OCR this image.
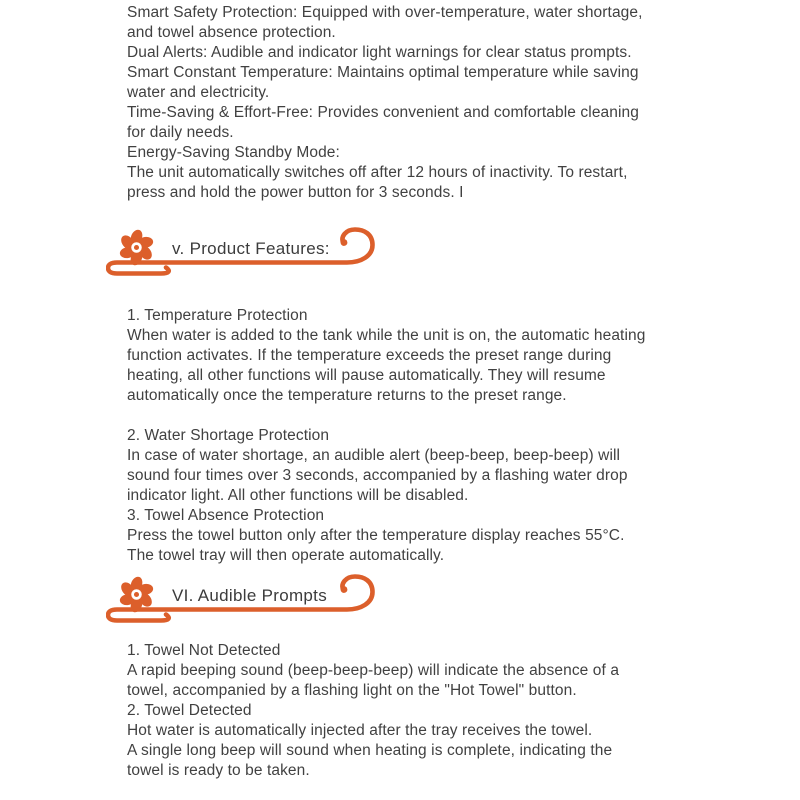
Smart Safety Protection: Equipped with over-temperature, water shortage,
and towel absence protection.
Dual Alerts: Audible and indicator light warnings for clear status prompts.
Smart Constant Temperature: Maintains optimal temperature while saving
water and electricity.
Time-Saving & Effort-Free: Provides convenient and comfortable cleaning
for daily needs.
Energy-Saving Standby Mode:
The unit automatically switches off after 12 hours of inactivity. To restart,
press and hold the power button for 3 seconds. I
v. Product Features:
1. Temperature Protection
When water is added to the tank while the unit is on, the automatic heating
function activates. If the temperature exceeds the preset range during
heating, all other functions will pause automatically. They will resume
automatically once the temperature returns to the preset range.
2. Water Shortage Protection
In case of water shortage, an audible alert (beep-beep, beep-beep) will
sound four times over 3 seconds, accompanied by a flashing water drop
indicator light. All other functions will be disabled.
3. Towel Absence Protection
Press the towel button only after the temperature display reaches 55°C.
The towel tray will then operate automatically.
VI. Audible Prompts
1. Towel Not Detected
A rapid beeping sound (beep-beep-beep) will indicate the absence of a
towel, accompanied by a flashing light on the "Hot Towel" button.
2. Towel Detected
Hot water is automatically injected after the tray receives the towel.
A single long beep will sound when heating is complete, indicating the
towel is ready to be taken.
